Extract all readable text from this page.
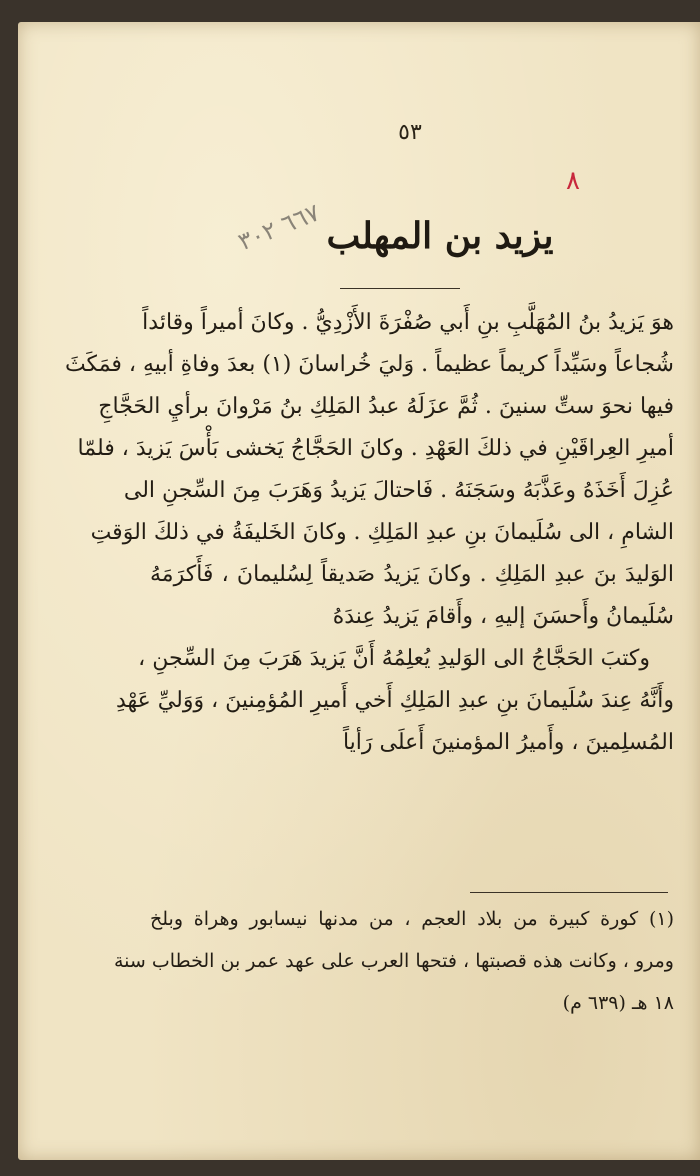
٥٣
٨
٦٦٧ ٣٠٢ يزيد بن المهلب
هوَ يَزيدُ بنُ المُهَلَّبِ بنِ أَبي صُفْرَةَ الأَزْدِيُّ . وكانَ أميراً وقائداً
شُجاعاً وسَيِّداً كريماً عظيماً . وَليَ خُراسانَ (١) بعدَ وفاةِ أبيهِ ، فمَكَثَ
فيها نحوَ ستِّ سنينَ . ثُمَّ عزَلَهُ عبدُ المَلِكِ بنُ مَرْوانَ برأيِ الحَجَّاجِ
أميرِ العِراقَيْنِ في ذلكَ العَهْدِ . وكانَ الحَجَّاجُ يَخشى بَأْسَ يَزيدَ ، فلمّا
عُزِلَ أَخَذَهُ وعَذَّبَهُ وسَجَنَهُ . فَاحتالَ يَزيدُ وَهَرَبَ مِنَ السِّجنِ الى
الشامِ ، الى سُلَيمانَ بنِ عبدِ المَلِكِ . وكانَ الخَليفَةُ في ذلكَ الوَقتِ
الوَليدَ بنَ عبدِ المَلِكِ . وكانَ يَزيدُ صَديقاً لِسُليمانَ ، فَأَكرَمَهُ
سُلَيمانُ وأَحسَنَ إليهِ ، وأَقامَ يَزيدُ عِندَهُ
وكتبَ الحَجَّاجُ الى الوَليدِ يُعلِمُهُ أَنَّ يَزيدَ هَرَبَ مِنَ السِّجنِ ،
وأَنَّهُ عِندَ سُلَيمانَ بنِ عبدِ المَلِكِ أَخي أَميرِ المُؤمِنينَ ، وَوَليِّ عَهْدِ
المُسلِمينَ ، وأَميرُ المؤمنينَ أَعلَى رَأياً
(١) كورة كبيرة من بلاد العجم ، من مدنها نيسابور وهراة وبلخ
ومرو ، وكانت هذه قصبتها ، فتحها العرب على عهد عمر بن الخطاب سنة
١٨ هـ (٦٣٩ م)
